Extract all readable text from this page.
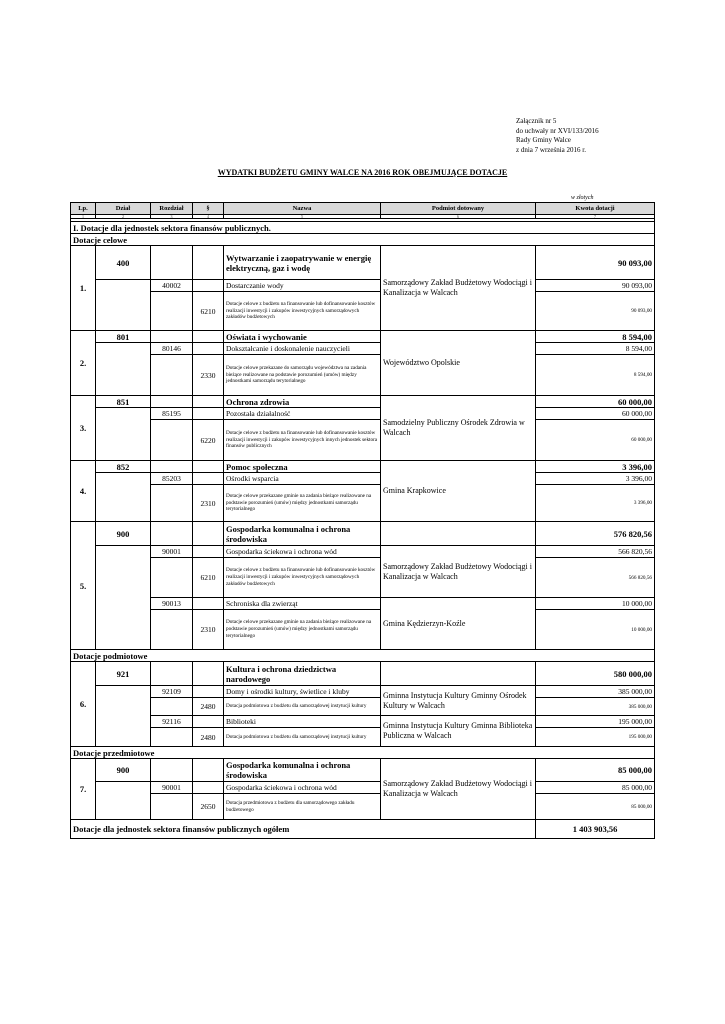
Załącznik nr 5
do uchwały nr XVI/133/2016
Rady Gminy Walce
z dnia 7 września 2016 r.
WYDATKI BUDŻETU GMINY WALCE NA 2016 ROK OBEJMUJĄCE DOTACJE
w złotych
Lp.	Dział	Rozdział	§	Nazwa	Podmiot dotowany	Kwota dotacji
1	2	3	4	5	6	7

I. Dotacje dla jednostek sektora finansów publicznych.						
Dotacje celowe						
1.	400			Wytwarzanie i zaopatrywanie w energię elektryczną, gaz i wodę	Samorządowy Zakład Budżetowy Wodociągi i Kanalizacja w Walcach	90 093,00
		40002		Dostarczanie wody		90 093,00
			6210	Dotacje celowe z budżetu na finansowanie lub dofinansowanie kosztów realizacji inwestycji i zakupów inwestycyjnych samorządowych zakładów budżetowych		90 093,00
2.	801			Oświata i wychowanie	Województwo Opolskie	8 594,00
		80146		Dokształcanie i doskonalenie nauczycieli		8 594,00
			2330	Dotacje celowe przekazane do samorządu województwa na zadania bieżące realizowane na podstawie porozumień (umów) między jednostkami samorządu terytorialnego		8 594,00
3.	851			Ochrona zdrowia	Samodzielny Publiczny Ośrodek Zdrowia w Walcach	60 000,00
		85195		Pozostała działalność		60 000,00
			6220	Dotacje celowe z budżetu na finansowanie lub dofinansowanie kosztów realizacji inwestycji i zakupów inwestycyjnych innych jednostek sektora finansów publicznych		60 000,00
4.	852			Pomoc społeczna	Gmina Krapkowice	3 396,00
		85203		Ośrodki wsparcia		3 396,00
			2310	Dotacje celowe przekazane gminie na zadania bieżące realizowane na podstawie porozumień (umów) między jednostkami samorządu terytorialnego		3 396,00
5.	900			Gospodarka komunalna i ochrona środowiska		576 820,56
		90001		Gospodarka ściekowa i ochrona wód	Samorządowy Zakład Budżetowy Wodociągi i Kanalizacja w Walcach	566 820,56
			6210	Dotacje celowe z budżetu na finansowanie lub dofinansowanie kosztów realizacji inwestycji i zakupów inwestycyjnych samorządowych zakładów budżetowych		566 820,56
		90013		Schroniska dla zwierząt	Gmina Kędzierzyn-Koźle	10 000,00
			2310	Dotacje celowe przekazane gminie na zadania bieżące realizowane na podstawie porozumień (umów) między jednostkami samorządu terytorialnego		10 000,00
Dotacje podmiotowe						
6.	921			Kultura i ochrona dziedzictwa narodowego		580 000,00
		92109		Domy i ośrodki kultury, świetlice i kluby	Gminna Instytucja Kultury Gminny Ośrodek Kultury w Walcach	385 000,00
			2480	Dotacja podmiotowa z budżetu dla samorządowej instytucji kultury		385 000,00
		92116		Biblioteki	Gminna Instytucja Kultury Gminna Biblioteka Publiczna w Walcach	195 000,00
			2480	Dotacja podmiotowa z budżetu dla samorządowej instytucji kultury		195 000,00
Dotacje przedmiotowe						
7.	900			Gospodarka komunalna i ochrona środowiska	Samorządowy Zakład Budżetowy Wodociągi i Kanalizacja w Walcach	85 000,00
		90001		Gospodarka ściekowa i ochrona wód		85 000,00
			2650	Dotacja przedmiotowa z budżetu dla samorządowego zakładu budżetowego		85 000,00
Dotacje dla jednostek sektora finansów publicznych ogółem						1 403 903,56
